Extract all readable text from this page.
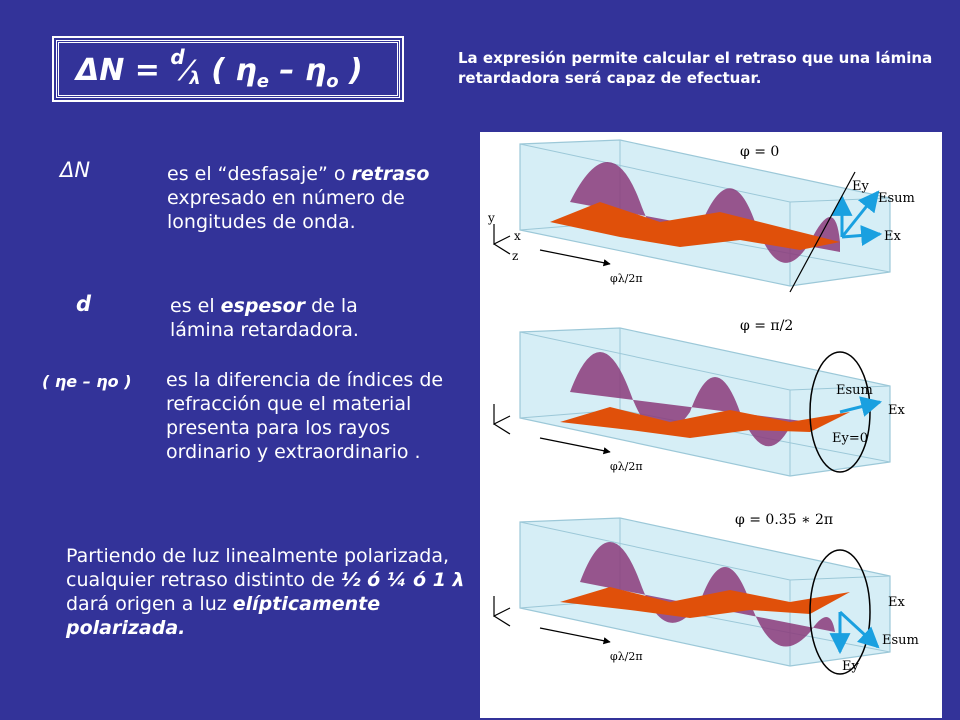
ΔN = $^d$⁄λ ( $\eta_e - \eta_o$ )	La expresión permite calcular el retraso que una lámina retardadora será capaz de efectuar.
ΔN	es el “desfasaje” o retraso expresado en número de longitudes de onda.
d	es el espesor de la lámina retardadora.
( ηe – ηo ) es la diferencia de índices de refracción que el material presenta para los rayos ordinario y extraordinario .
Partiendo de luz linealmente polarizada, cualquier retraso distinto de ½ ó ¼ ó 1 λ dará origen a luz elípticamente polarizada.
φ = 0
Ey
Esum
Ex
φλ/2π
φ = π/2
Esum
Ex
Ey=0
φλ/2π
φ = 0.35 ∗ 2π
Ex
Esum
Ey
φλ/2π
y
x
z
